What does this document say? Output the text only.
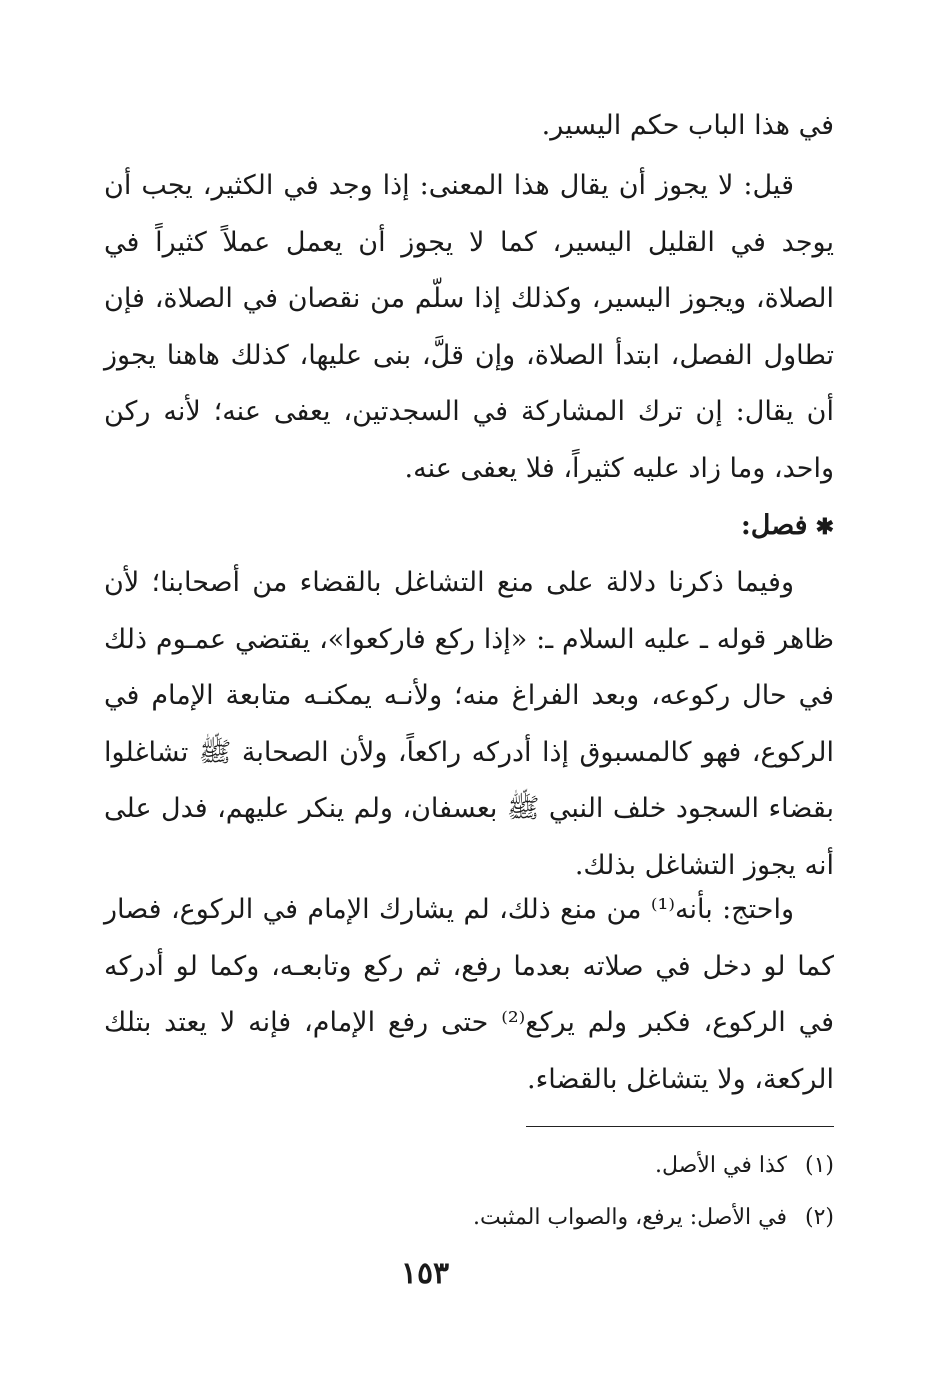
في هذا الباب حكم اليسير.

قيل: لا يجوز أن يقال هذا المعنى: إذا وجد في الكثير، يجب أن يوجد في القليل اليسير، كما لا يجوز أن يعمل عملاً كثيراً في الصلاة، ويجوز اليسير، وكذلك إذا سلّم من نقصان في الصلاة، فإن تطاول الفصل، ابتدأ الصلاة، وإن قلَّ، بنى عليها، كذلك هاهنا يجوز أن يقال: إن ترك المشاركة في السجدتين، يعفى عنه؛ لأنه ركن واحد، وما زاد عليه كثيراً، فلا يعفى عنه.

✱فصل:

وفيما ذكرنا دلالة على منع التشاغل بالقضاء من أصحابنا؛ لأن ظاهر قوله ـ عليه السلام ـ: «إذا ركع فاركعوا»، يقتضي عمـوم ذلك في حال ركوعه، وبعد الفراغ منه؛ ولأنـه يمكنـه متابعة الإمام في الركوع، فهو كالمسبوق إذا أدركه راكعاً، ولأن الصحابة ﷺ تشاغلوا بقضاء السجود خلف النبي ﷺ بعسفان، ولم ينكر عليهم، فدل على أنه يجوز التشاغل بذلك.

واحتج: بأنه⁽¹⁾ من منع ذلك، لم يشارك الإمام في الركوع، فصار كما لو دخل في صلاته بعدما رفع، ثم ركع وتابعـه، وكما لو أدركه في الركوع، فكبر ولم يركع⁽²⁾ حتى رفع الإمام، فإنه لا يعتد بتلك الركعة، ولا يتشاغل بالقضاء.

(١)كذا في الأصل.
(٢)في الأصل: يرفع، والصواب المثبت.
١٥٣
